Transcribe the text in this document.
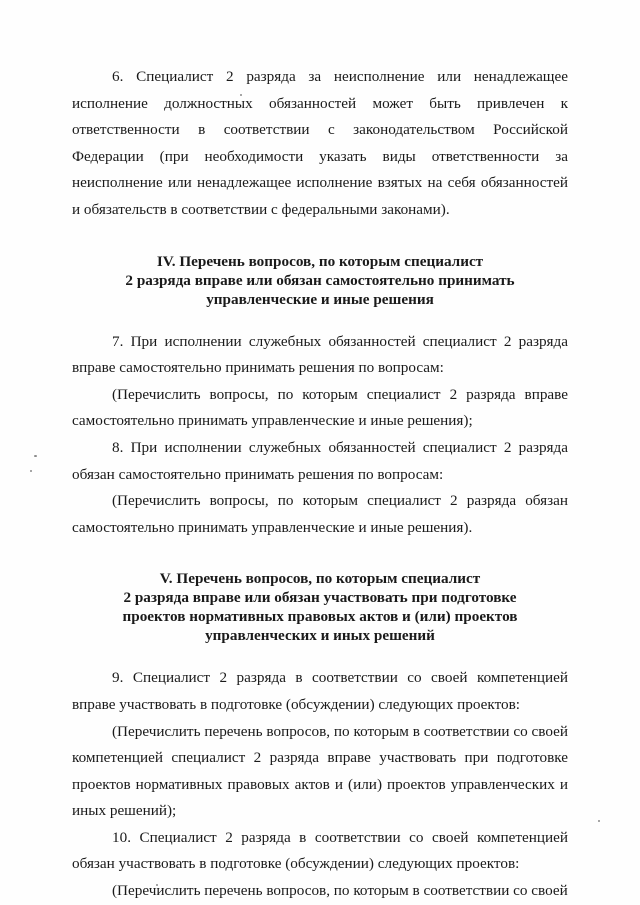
6. Специалист 2 разряда за неисполнение или ненадлежащее исполнение должностных обязанностей может быть привлечен к ответственности в соответствии с законодательством Российской Федерации (при необходимости указать виды ответственности за неисполнение или ненадлежащее исполнение взятых на себя обязанностей и обязательств в соответствии с федеральными законами).

IV. Перечень вопросов, по которым специалист
2 разряда вправе или обязан самостоятельно принимать
управленческие и иные решения

7. При исполнении служебных обязанностей специалист 2 разряда вправе самостоятельно принимать решения по вопросам:

(Перечислить вопросы, по которым специалист 2 разряда вправе самостоятельно принимать управленческие и иные решения);

8. При исполнении служебных обязанностей специалист 2 разряда обязан самостоятельно принимать решения по вопросам:

(Перечислить вопросы, по которым специалист 2 разряда обязан самостоятельно принимать управленческие и иные решения).

V. Перечень вопросов, по которым специалист
2 разряда вправе или обязан участвовать при подготовке
проектов нормативных правовых актов и (или) проектов
управленческих и иных решений

9. Специалист 2 разряда в соответствии со своей компетенцией вправе участвовать в подготовке (обсуждении) следующих проектов:

(Перечислить перечень вопросов, по которым в соответствии со своей компетенцией специалист 2 разряда вправе участвовать при подготовке проектов нормативных правовых актов и (или) проектов управленческих и иных решений);

10. Специалист 2 разряда в соответствии со своей компетенцией обязан участвовать в подготовке (обсуждении) следующих проектов:

(Перечислить перечень вопросов, по которым в соответствии со своей
